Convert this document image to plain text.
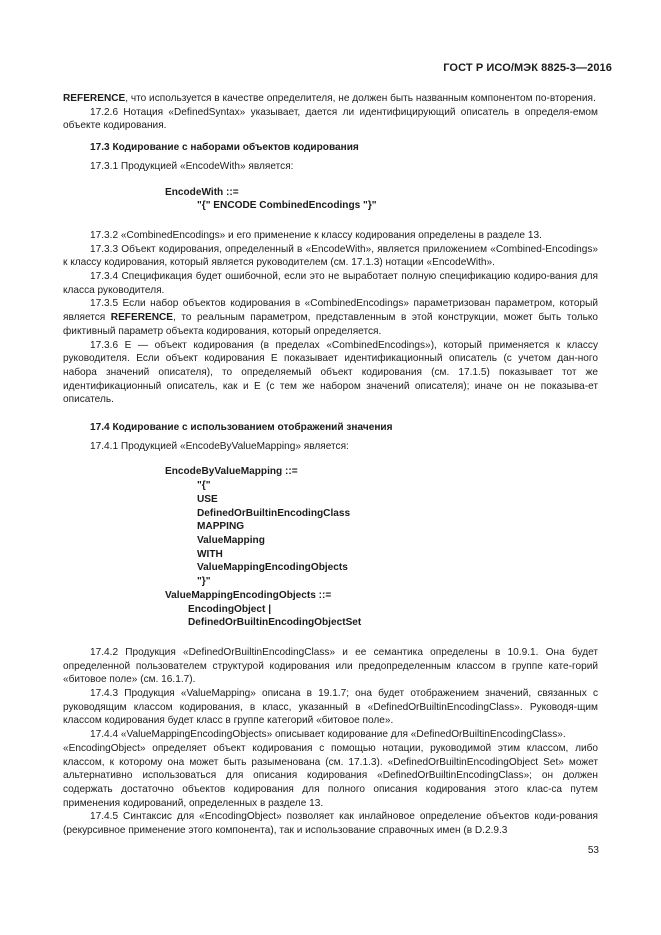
ГОСТ Р ИСО/МЭК 8825-3—2016

REFERENCE, что используется в качестве определителя, не должен быть названным компонентом по-вторения.

17.2.6 Нотация «DefinedSyntax» указывает, дается ли идентифицирующий описатель в определя-емом объекте кодирования.

17.3 Кодирование с наборами объектов кодирования

17.3.1 Продукцией «EncodeWith» является:

EncodeWith ::=

"{" ENCODE CombinedEncodings "}"

17.3.2 «CombinedEncodings» и его применение к классу кодирования определены в разделе 13.

17.3.3 Объект кодирования, определенный в «EncodeWith», является приложением «Combined-Encodings» к классу кодирования, который является руководителем (см. 17.1.3) нотации «EncodeWith».

17.3.4 Спецификация будет ошибочной, если это не выработает полную спецификацию кодиро-вания для класса руководителя.

17.3.5 Если набор объектов кодирования в «CombinedEncodings» параметризован параметром, который является REFERENCE, то реальным параметром, представленным в этой конструкции, может быть только фиктивный параметр объекта кодирования, который определяется.

17.3.6 Е — объект кодирования (в пределах «CombinedEncodings»), который применяется к классу руководителя. Если объект кодирования Е показывает идентификационный описатель (с учетом дан-ного набора значений описателя), то определяемый объект кодирования (см. 17.1.5) показывает тот же идентификационный описатель, как и Е (с тем же набором значений описателя); иначе он не показыва-ет описатель.

17.4 Кодирование с использованием отображений значения

17.4.1 Продукцией «EncodeByValueMapping» является:

EncodeByValueMapping ::=

"{"

USE

DefinedOrBuiltinEncodingClass

MAPPING

ValueMapping

WITH

ValueMappingEncodingObjects

"}"

ValueMappingEncodingObjects ::=

EncodingObject |

DefinedOrBuiltinEncodingObjectSet

17.4.2 Продукция «DefinedOrBuiltinEncodingClass» и ее семантика определены в 10.9.1. Она будет определенной пользователем структурой кодирования или предопределенным классом в группе кате-горий «битовое поле» (см. 16.1.7).

17.4.3 Продукция «ValueMapping» описана в 19.1.7; она будет отображением значений, связанных с руководящим классом кодирования, в класс, указанный в «DefinedOrBuiltinEncodingClass». Руководя-щим классом кодирования будет класс в группе категорий «битовое поле».

17.4.4 «ValueMappingEncodingObjects» описывает кодирование для «DefinedOrBuiltinEncodingClass».

«EncodingObject» определяет объект кодирования с помощью нотации, руководимой этим классом, либо классом, к которому она может быть разыменована (см. 17.1.3). «DefinedOrBuiltinEncodingObject Set» может альтернативно использоваться для описания кодирования «DefinedOrBuiltinEncodingClass»; он должен содержать достаточно объектов кодирования для полного описания кодирования этого клас-са путем применения кодирований, определенных в разделе 13.

17.4.5 Синтаксис для «EncodingObject» позволяет как инлайновое определение объектов коди-рования (рекурсивное применение этого компонента), так и использование справочных имен (в D.2.9.3

53
